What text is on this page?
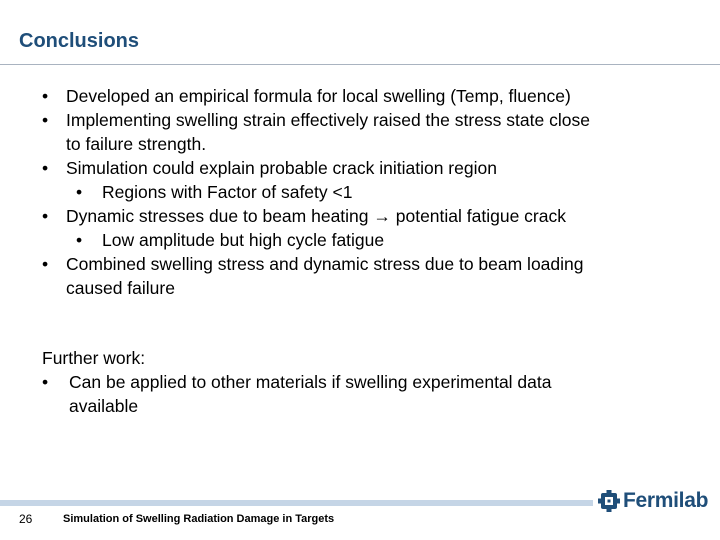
Conclusions
• Developed an empirical formula for local swelling (Temp, fluence)
• Implementing swelling strain effectively raised the stress state close
to failure strength.
• Simulation could explain probable crack initiation region
• Regions with Factor of safety <1
• Dynamic stresses due to beam heating → potential fatigue crack
• Low amplitude but high cycle fatigue
• Combined swelling stress and dynamic stress due to beam loading
caused failure
Further work:
• Can be applied to other materials if swelling experimental data
available
26	Simulation of Swelling Radiation Damage in Targets
Fermilab
